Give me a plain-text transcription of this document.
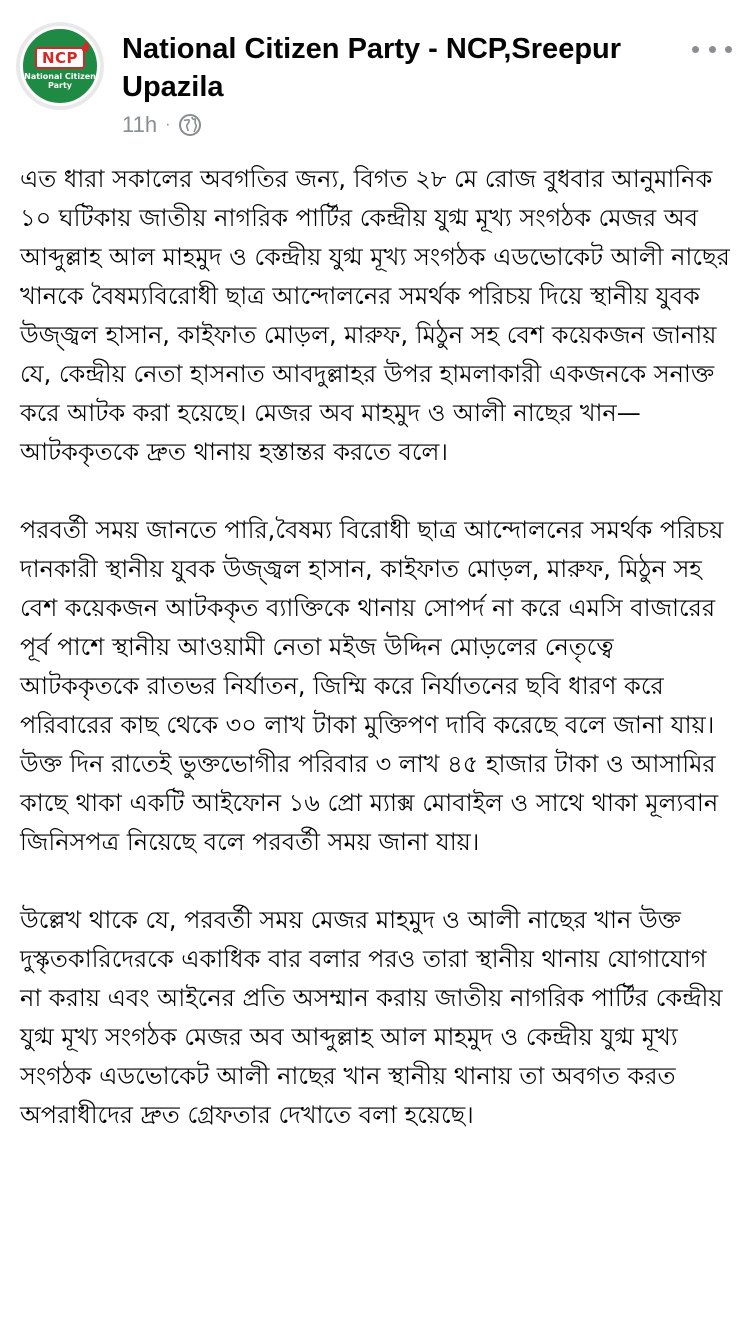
NCP
National Citizen Party
National Citizen Party - NCP,Sreepur Upazila
11h ·

এত ধারা সকালের অবগতির জন্য, বিগত ২৮ মে রোজ বুধবার আনুমানিক ১০ ঘটিকায় জাতীয় নাগরিক পার্টির কেন্দ্রীয় যুগ্ম মূখ্য সংগঠক মেজর অব আব্দুল্লাহ আল মাহমুদ ও কেন্দ্রীয় যুগ্ম মূখ্য সংগঠক এডভোকেট আলী নাছের খানকে বৈষম্যবিরোধী ছাত্র আন্দোলনের সমর্থক পরিচয় দিয়ে স্থানীয় যুবক উজ্জ্বল হাসান, কাইফাত মোড়ল, মারুফ, মিঠুন সহ বেশ কয়েকজন জানায় যে, কেন্দ্রীয় নেতা হাসনাত আবদুল্লাহর উপর হামলাকারী একজনকে সনাক্ত করে আটক করা হয়েছে। মেজর অব মাহমুদ ও আলী নাছের খান— আটককৃতকে দ্রুত থানায় হস্তান্তর করতে বলে।

পরবর্তী সময় জানতে পারি,বৈষম্য বিরোধী ছাত্র আন্দোলনের সমর্থক পরিচয় দানকারী স্থানীয় যুবক উজ্জ্বল হাসান, কাইফাত মোড়ল, মারুফ, মিঠুন সহ বেশ কয়েকজন আটককৃত ব্যাক্তিকে থানায় সোপর্দ না করে এমসি বাজারের পূর্ব পাশে স্থানীয় আওয়ামী নেতা মইজ উদ্দিন মোড়লের নেতৃত্বে আটককৃতকে রাতভর নির্যাতন, জিম্মি করে নির্যাতনের ছবি ধারণ করে পরিবারের কাছ থেকে ৩০ লাখ টাকা মুক্তিপণ দাবি করেছে বলে জানা যায়। উক্ত দিন রাতেই ভুক্তভোগীর পরিবার ৩ লাখ ৪৫ হাজার টাকা ও আসামির কাছে থাকা একটি আইফোন ১৬ প্রো ম্যাক্স মোবাইল ও সাথে থাকা মূল্যবান জিনিসপত্র নিয়েছে বলে পরবর্তী সময় জানা যায়।

উল্লেখ থাকে যে, পরবর্তী সময় মেজর মাহমুদ ও আলী নাছের খান উক্ত দুস্কৃতকারিদেরকে একাধিক বার বলার পরও তারা স্থানীয় থানায় যোগাযোগ না করায় এবং আইনের প্রতি অসম্মান করায় জাতীয় নাগরিক পার্টির কেন্দ্রীয় যুগ্ম মূখ্য সংগঠক মেজর অব আব্দুল্লাহ আল মাহমুদ ও কেন্দ্রীয় যুগ্ম মূখ্য সংগঠক এডভোকেট আলী নাছের খান স্থানীয় থানায় তা অবগত করত অপরাধীদের দ্রুত গ্রেফতার দেখাতে বলা হয়েছে।
